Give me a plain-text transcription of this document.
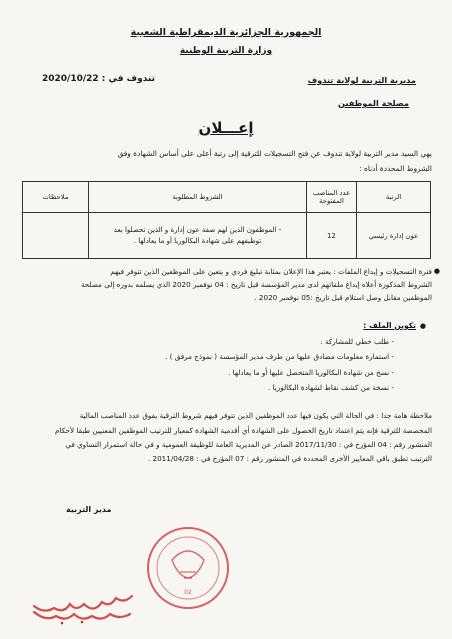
الجمهورية الجزائرية الديمقراطية الشعبية
وزارة التربية الوطنية
مديرية التربية لولاية تندوف
مصلحة الموظفين
تندوف في : 2020/10/22
إعـــلان
يهي السيد مدير التربية لولاية تندوف عن فتح التسجيلات للترقية إلى رتبة أعلى على أساس الشهادة وفق
الشروط المحددة أدناه :
الرتبة	عدد المناصب المفتوحة	الشروط المطلوبة	ملاحظات
عون إدارة رئيسي	12	- الموظفون الذين لهم صفة عون إدارة و الذين تحصلوا بعد
توظيفهم على شهادة البكالوريا أو ما يعادلها .	

●
فترة التسجيلات و إيداع الملفات : يعتبر هذا الإعلان بمثابة تبليغ فردي و يتعين على الموظفين الذين تتوفر فيهم
الشروط المذكورة أعلاه إيداع ملفاتهم لدى مدير المؤسسة قبل تاريخ : 04 نوفمبر 2020 الذي يسلمه بدوره إلى مصلحة
الموظفين مقابل وصل استلام قبل تاريخ :05 نوفمبر 2020 .
●
تكوين الملف :
- طلب خطي للمشاركة .
- استمارة معلومات مصادق عليها من طرف مدير المؤسسة ( نموذج مرفق ) .
- نسخ من شهادة البكالوريا المتحصل عليها أو ما يعادلها .
- نسخة من كشف نقاط لشهادة البكالوريا .
ملاحظة هامة جدا : في الحالة التي يكون فيها عدد الموظفين الذين تتوفر فيهم شروط الترقية يفوق عدد المناصب المالية
المخصصة للترقية فإنه يتم اعتماد تاريخ الحصول على الشهادة أي أقدمية الشهادة كمعيار للترتيب الموظفين المعنيين طبقا لأحكام
المنشور رقم : 04 المؤرخ في : 2017/11/30 الصادر عن المديرية العامة للوظيفة العمومية و في حالة استمرار التساوي في
الترتيب تطبق باقي المعايير الأخرى المحددة في المنشور رقم : 07 المؤرخ في : 2011/04/28 .
مدير التربية
02
